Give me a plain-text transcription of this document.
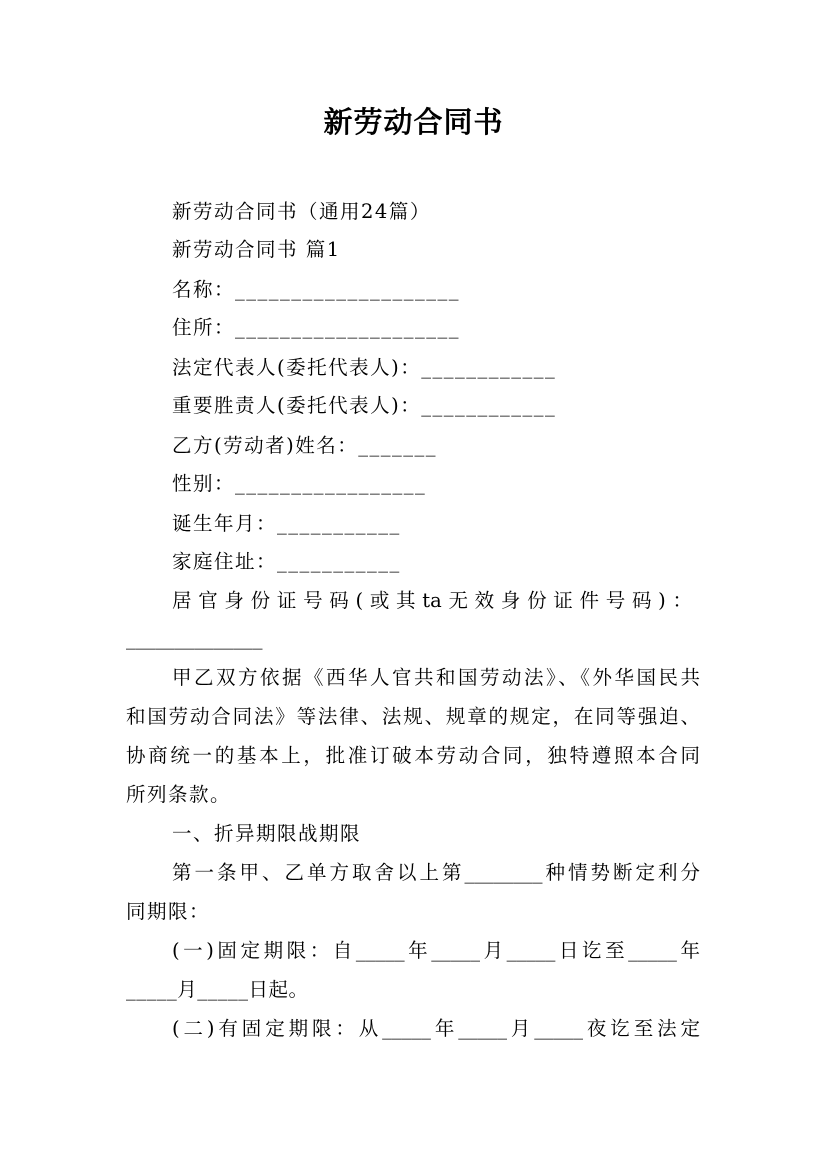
新劳动合同书
新劳动合同书（通用24篇）
新劳动合同书 篇1
名称：____________________
住所：____________________
法定代表人(委托代表人)：____________
重要胜责人(委托代表人)：____________
乙方(劳动者)姓名：_______
性别：_________________
诞生年月：___________
家庭住址：___________
居官身份证号码(或其ta无效身份证件号码)：
______________
甲乙双方依据《西华人官共和国劳动法》、《外华国民共
和国劳动合同法》等法律、法规、规章的规定，在同等强迫、
协商统一的基本上，批准订破本劳动合同，独特遵照本合同
所列条款。
一、折异期限战期限
第一条甲、乙单方取舍以上第________种情势断定利分
同期限：
(一)固定期限：自_____年_____月_____日讫至_____年
_____月_____日起。
(二)有固定期限：从_____年_____月_____夜讫至法定
